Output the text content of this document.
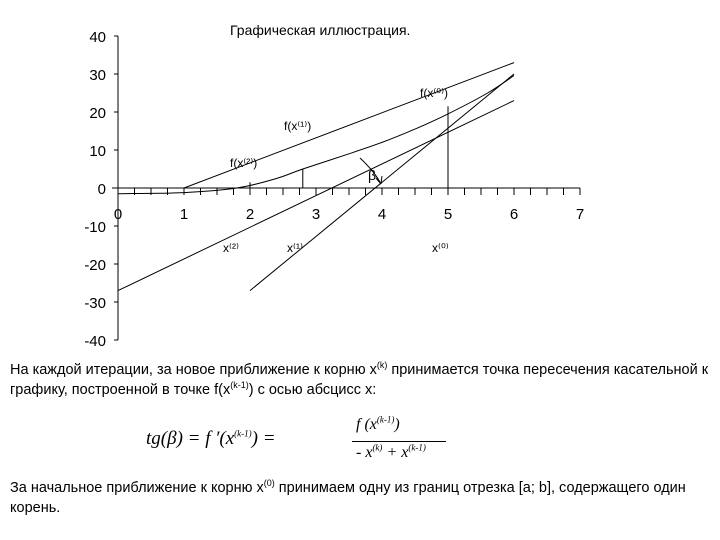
Графическая иллюстрация.
40
30
20
10
0
-10
-20
-30
-40
0	1	2	3	4	5	6	7
f(x⁽⁰⁾)
f(x⁽¹⁾)
f(x⁽²⁾)
x⁽²⁾	x⁽¹⁾	x⁽⁰⁾
β
На каждой итерации, за новое приближение к корню $x^{(k)}$ принимается точка пересечения касательной к графику, построенной в точке $f(x^{(k-1)})$ с осью абсцисс x:
tg(β) = f $'(x^{(k-1)})$ =
f $(x^{(k-1)})$
- $x^{(k)} + x^{(k-1)}$
За начальное приближение к корню $x^{(0)}$ принимаем одну из границ отрезка [a; b], содержащего один корень.
